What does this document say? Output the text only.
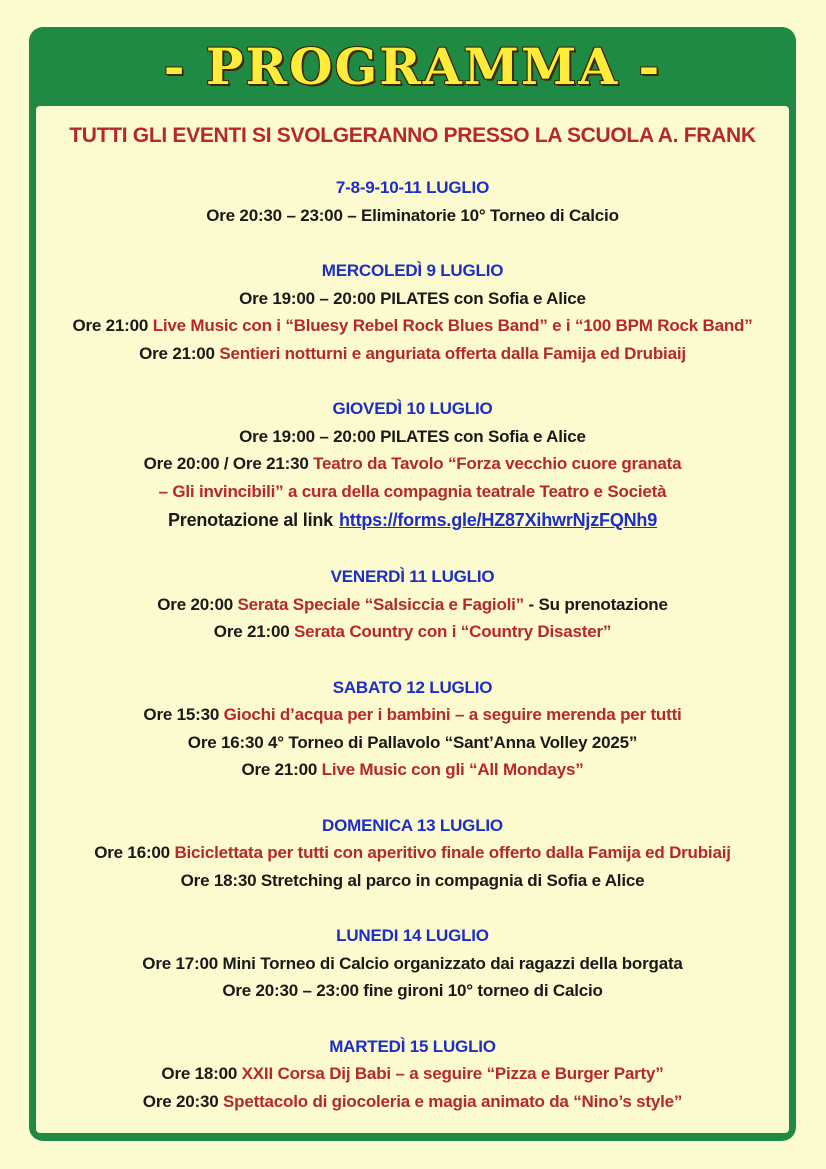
- PROGRAMMA -
TUTTI GLI EVENTI SI SVOLGERANNO PRESSO LA SCUOLA A. FRANK
7-8-9-10-11 LUGLIO
Ore 20:30 – 23:00 – Eliminatorie 10° Torneo di Calcio
MERCOLEDÌ 9 LUGLIO
Ore 19:00 – 20:00 PILATES con Sofia e Alice
Ore 21:00 Live Music con i “Bluesy Rebel Rock Blues Band” e i “100 BPM Rock Band”
Ore 21:00 Sentieri notturni e anguriata offerta dalla Famija ed Drubiaij
GIOVEDÌ 10 LUGLIO
Ore 19:00 – 20:00 PILATES con Sofia e Alice
Ore 20:00 / Ore 21:30 Teatro da Tavolo “Forza vecchio cuore granata
– Gli invincibili” a cura della compagnia teatrale Teatro e Società
Prenotazione al link https://forms.gle/HZ87XihwrNjzFQNh9
VENERDÌ 11 LUGLIO
Ore 20:00 Serata Speciale “Salsiccia e Fagioli” - Su prenotazione
Ore 21:00 Serata Country con i “Country Disaster”
SABATO 12 LUGLIO
Ore 15:30 Giochi d’acqua per i bambini – a seguire merenda per tutti
Ore 16:30 4° Torneo di Pallavolo “Sant’Anna Volley 2025”
Ore 21:00 Live Music con gli “All Mondays”
DOMENICA 13 LUGLIO
Ore 16:00 Biciclettata per tutti con aperitivo finale offerto dalla Famija ed Drubiaij
Ore 18:30 Stretching al parco in compagnia di Sofia e Alice
LUNEDI 14 LUGLIO
Ore 17:00 Mini Torneo di Calcio organizzato dai ragazzi della borgata
Ore 20:30 – 23:00 fine gironi 10° torneo di Calcio
MARTEDÌ 15 LUGLIO
Ore 18:00 XXII Corsa Dij Babi – a seguire “Pizza e Burger Party”
Ore 20:30 Spettacolo di giocoleria e magia animato da “Nino’s style”
